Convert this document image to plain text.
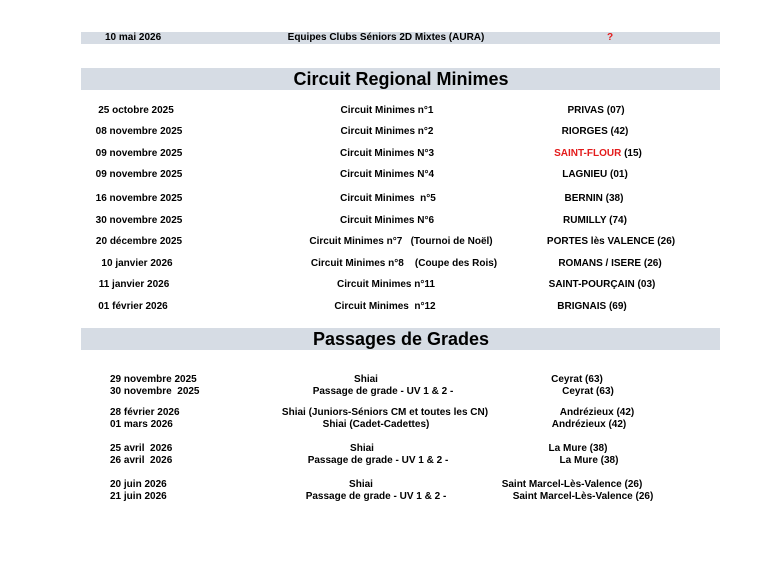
10 mai 2026	Equipes Clubs Séniors 2D Mixtes (AURA)	?
Circuit Regional Minimes
25 octobre 2025	Circuit Minimes n°1	PRIVAS (07)
08 novembre 2025	Circuit Minimes n°2	RIORGES (42)
09 novembre 2025	Circuit Minimes N°3	SAINT-FLOUR (15)
09 novembre 2025	Circuit Minimes N°4	LAGNIEU (01)
16 novembre 2025	Circuit Minimes  n°5	BERNIN (38)
30 novembre 2025	Circuit Minimes N°6	RUMILLY (74)
20 décembre 2025	Circuit Minimes n°7   (Tournoi de Noël)	PORTES lès VALENCE (26)
10 janvier 2026	Circuit Minimes n°8    (Coupe des Rois)	ROMANS / ISERE (26)
11 janvier 2026	Circuit Minimes n°11	SAINT-POURÇAIN (03)
01 février 2026	Circuit Minimes  n°12	BRIGNAIS (69)
Passages de Grades
29 novembre 2025	Shiai	Ceyrat (63)
30 novembre  2025	Passage de grade - UV 1 & 2 -	Ceyrat (63)
28 février 2026	Shiai (Juniors-Séniors CM et toutes les CN)	Andrézieux (42)
01 mars 2026	Shiai (Cadet-Cadettes)	Andrézieux (42)
25 avril  2026	Shiai	La Mure (38)
26 avril  2026	Passage de grade - UV 1 & 2 -	La Mure (38)
20 juin 2026	Shiai	Saint Marcel-Lès-Valence (26)
21 juin 2026	Passage de grade - UV 1 & 2 -	Saint Marcel-Lès-Valence (26)
